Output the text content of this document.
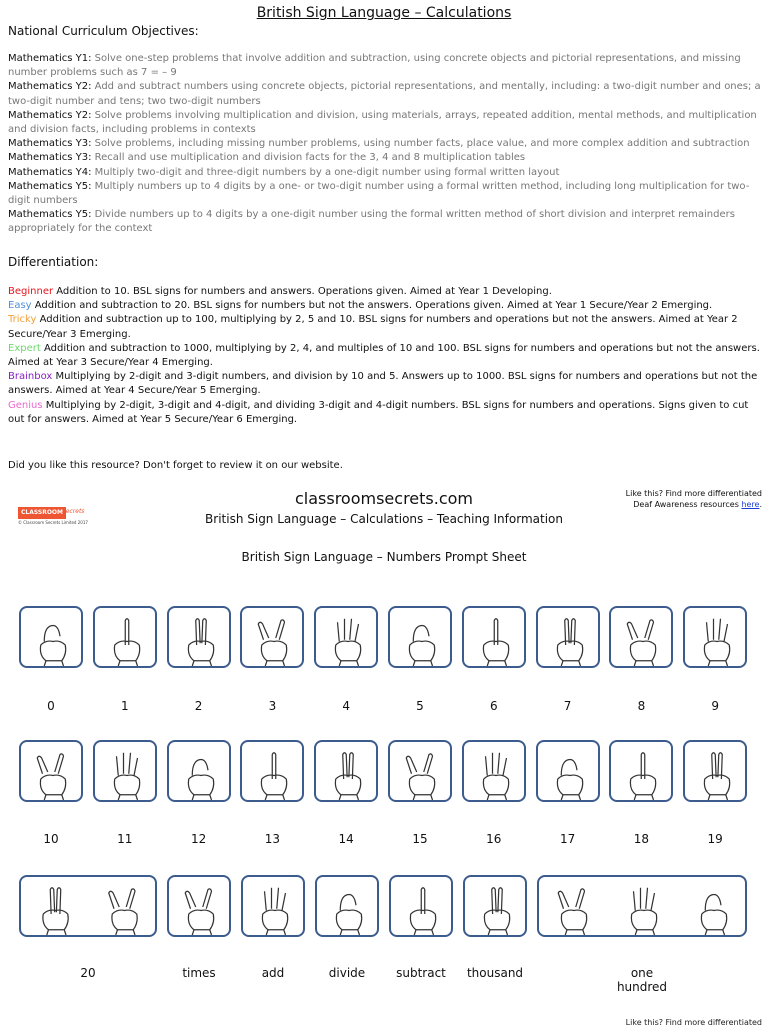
British Sign Language – Calculations
National Curriculum Objectives:

Mathematics Y1: Solve one-step problems that involve addition and subtraction, using concrete objects and pictorial representations, and missing number problems such as 7 = – 9

Mathematics Y2: Add and subtract numbers using concrete objects, pictorial representations, and mentally, including: a two-digit number and ones; a two-digit number and tens; two two-digit numbers

Mathematics Y2: Solve problems involving multiplication and division, using materials, arrays, repeated addition, mental methods, and multiplication and division facts, including problems in contexts

Mathematics Y3: Solve problems, including missing number problems, using number facts, place value, and more complex addition and subtraction

Mathematics Y3: Recall and use multiplication and division facts for the 3, 4 and 8 multiplication tables

Mathematics Y4: Multiply two-digit and three-digit numbers by a one-digit number using formal written layout

Mathematics Y5: Multiply numbers up to 4 digits by a one- or two-digit number using a formal written method, including long multiplication for two-digit numbers

Mathematics Y5: Divide numbers up to 4 digits by a one-digit number using the formal written method of short division and interpret remainders appropriately for the context

Differentiation:

Beginner Addition to 10. BSL signs for numbers and answers. Operations given. Aimed at Year 1 Developing.

Easy Addition and subtraction to 20. BSL signs for numbers but not the answers. Operations given. Aimed at Year 1 Secure/Year 2 Emerging.

Tricky Addition and subtraction up to 100, multiplying by 2, 5 and 10. BSL signs for numbers and operations but not the answers. Aimed at Year 2 Secure/Year 3 Emerging.

Expert Addition and subtraction to 1000, multiplying by 2, 4, and multiples of 10 and 100. BSL signs for numbers and operations but not the answers. Aimed at Year 3 Secure/Year 4 Emerging.

Brainbox Multiplying by 2-digit and 3-digit numbers, and division by 10 and 5. Answers up to 1000. BSL signs for numbers and operations but not the answers. Aimed at Year 4 Secure/Year 5 Emerging.

Genius Multiplying by 2-digit, 3-digit and 4-digit, and dividing 3-digit and 4-digit numbers. BSL signs for numbers and operations. Signs given to cut out for answers. Aimed at Year 5 Secure/Year 6 Emerging.

Did you like this resource? Don't forget to review it on our website.
CLASSROOM
Secrets
© Classroom Secrets Limited 2017
classroomsecrets.com
British Sign Language – Calculations – Teaching Information
Like this? Find more differentiated
Deaf Awareness resources here.
British Sign Language – Numbers Prompt Sheet
0	1	2	3	4	5	6	7	8	9
10	11	12	13	14	15	16	17	18	19
20	times	add	divide	subtract	thousand	one hundred
Like this? Find more differentiated
